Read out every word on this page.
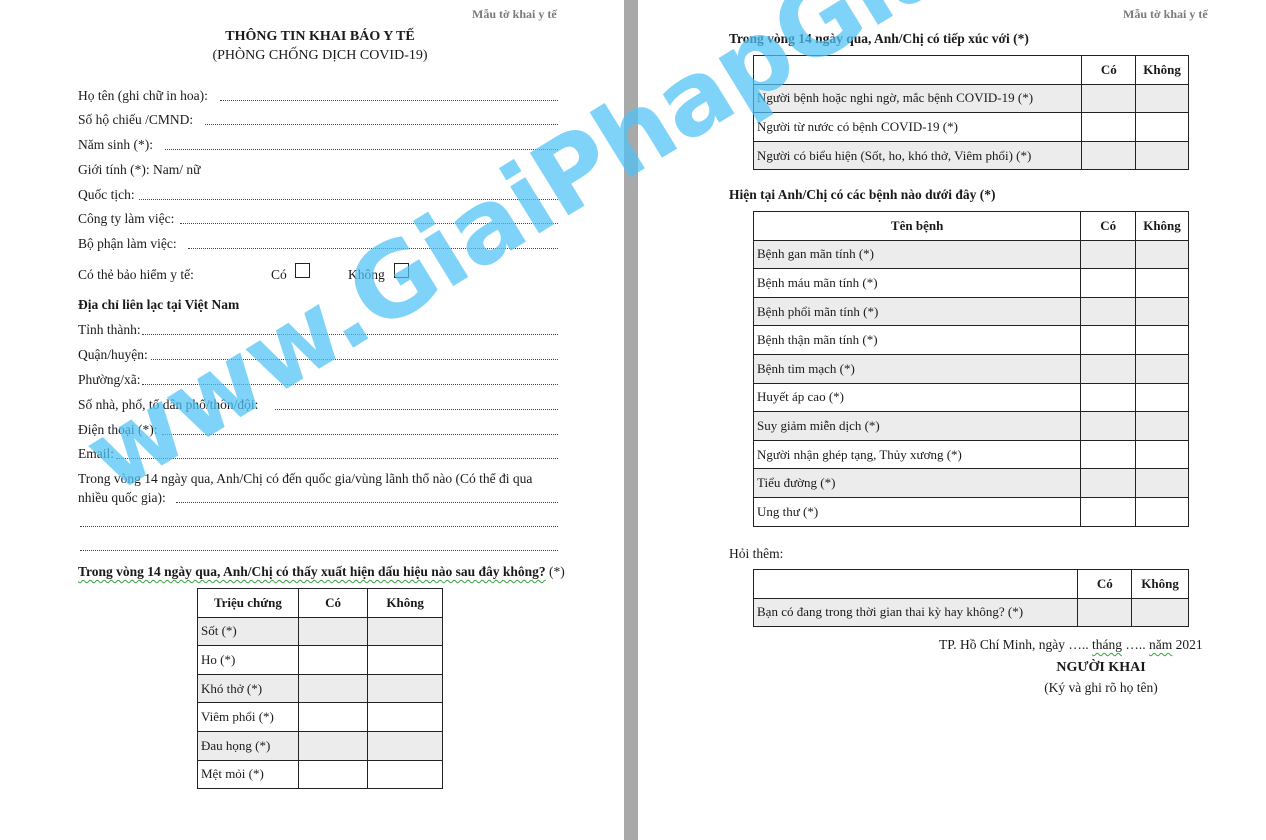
Mẫu tờ khai y tế
THÔNG TIN KHAI BÁO Y TẾ
(PHÒNG CHỐNG DỊCH COVID-19)
Họ tên (ghi chữ in hoa):
Số hộ chiếu /CMND:
Năm sinh (*):
Giới tính (*): Nam/ nữ
Quốc tịch:
Công ty làm việc:
Bộ phận làm việc:
Có thẻ bảo hiểm y tế:	Có	Không
Địa chỉ liên lạc tại Việt Nam
Tỉnh thành:
Quận/huyện:
Phường/xã:
Số nhà, phố, tổ dân phố/thôn/đội:
Điện thoại (*):
Email:
Trong vòng 14 ngày qua, Anh/Chị có đến quốc gia/vùng lãnh thổ nào (Có thể đi qua
nhiều quốc gia):
Trong vòng 14 ngày qua, Anh/Chị có thấy xuất hiện dấu hiệu nào sau đây không? (*)
Triệu chứng	Có	Không
Sốt (*)		
Ho (*)		
Khó thở (*)		
Viêm phổi (*)		
Đau họng (*)		
Mệt mỏi (*)		
Mẫu tờ khai y tế
Trong vòng 14 ngày qua, Anh/Chị có tiếp xúc với (*)
	Có	Không
Người bệnh hoặc nghi ngờ, mắc bệnh COVID-19 (*)		
Người từ nước có bệnh COVID-19 (*)		
Người có biểu hiện (Sốt, ho, khó thở, Viêm phổi) (*)		
Hiện tại Anh/Chị có các bệnh nào dưới đây (*)
Tên bệnh	Có	Không
Bệnh gan mãn tính (*)		
Bệnh máu mãn tính (*)		
Bệnh phổi mãn tính (*)		
Bệnh thận mãn tính (*)		
Bệnh tim mạch (*)		
Huyết áp cao (*)		
Suy giảm miễn dịch (*)		
Người nhận ghép tạng, Thủy xương (*)		
Tiểu đường (*)		
Ung thư (*)		
Hỏi thêm:
	Có	Không
Bạn có đang trong thời gian thai kỳ hay không? (*)		
TP. Hồ Chí Minh, ngày ….. tháng ….. năm 2021
NGƯỜI KHAI
(Ký và ghi rõ họ tên)
